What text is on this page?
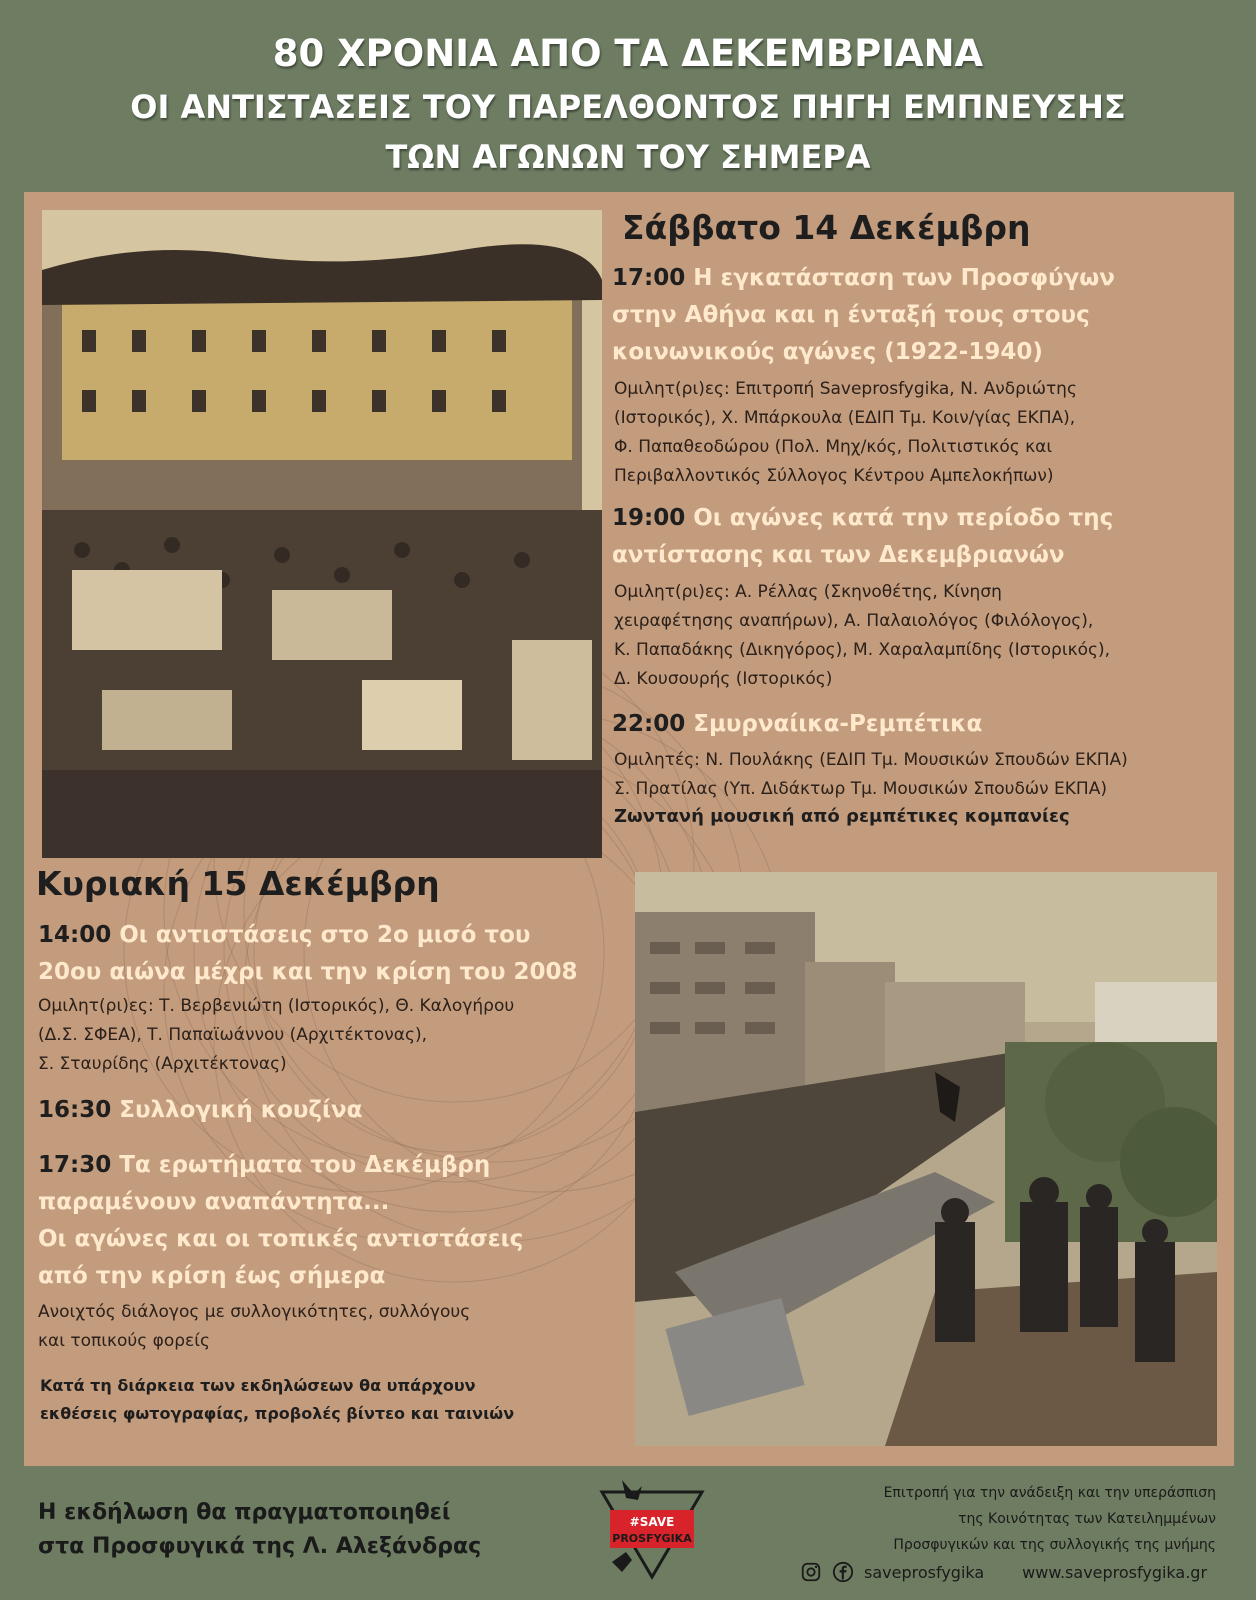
80 ΧΡΟΝΙΑ ΑΠΟ ΤΑ ΔΕΚΕΜΒΡΙΑΝΑ
ΟΙ ΑΝΤΙΣΤΑΣΕΙΣ ΤΟΥ ΠΑΡΕΛΘΟΝΤΟΣ ΠΗΓΗ ΕΜΠΝΕΥΣΗΣ
ΤΩΝ ΑΓΩΝΩΝ ΤΟΥ ΣΗΜΕΡΑ
Σάββατο 14 Δεκέμβρη
17:00 Η εγκατάσταση των Προσφύγων
στην Αθήνα και η ένταξή τους στους
κοινωνικούς αγώνες (1922-1940)
Ομιλητ(ρι)ες: Επιτροπή Saveprosfygika, Ν. Ανδριώτης
(Ιστορικός), Χ. Μπάρκουλα (ΕΔΙΠ Τμ. Κοιν/γίας ΕΚΠΑ),
Φ. Παπαθεοδώρου (Πολ. Μηχ/κός, Πολιτιστικός και
Περιβαλλοντικός Σύλλογος Κέντρου Αμπελοκήπων)
19:00 Οι αγώνες κατά την περίοδο της
αντίστασης και των Δεκεμβριανών
Ομιλητ(ρι)ες: Α. Ρέλλας (Σκηνοθέτης, Κίνηση
χειραφέτησης αναπήρων), Α. Παλαιολόγος (Φιλόλογος),
Κ. Παπαδάκης (Δικηγόρος), Μ. Χαραλαμπίδης (Ιστορικός),
Δ. Κουσουρής (Ιστορικός)
22:00 Σμυρναίικα-Ρεμπέτικα
Ομιλητές: Ν. Πουλάκης (ΕΔΙΠ Τμ. Μουσικών Σπουδών ΕΚΠΑ)
Σ. Πρατίλας (Υπ. Διδάκτωρ Τμ. Μουσικών Σπουδών ΕΚΠΑ)
Ζωντανή μουσική από ρεμπέτικες κομπανίες
Κυριακή 15 Δεκέμβρη
14:00 Οι αντιστάσεις στο 2ο μισό του
20ου αιώνα μέχρι και την κρίση του 2008
Ομιλητ(ρι)ες: Τ. Βερβενιώτη (Ιστορικός), Θ. Καλογήρου
(Δ.Σ. ΣΦΕΑ), Τ. Παπαϊωάννου (Αρχιτέκτονας),
Σ. Σταυρίδης (Αρχιτέκτονας)
16:30 Συλλογική κουζίνα
17:30 Τα ερωτήματα του Δεκέμβρη
παραμένουν αναπάντητα...
Οι αγώνες και οι τοπικές αντιστάσεις
από την κρίση έως σήμερα
Ανοιχτός διάλογος με συλλογικότητες, συλλόγους
και τοπικούς φορείς
Κατά τη διάρκεια των εκδηλώσεων θα υπάρχουν
εκθέσεις φωτογραφίας, προβολές βίντεο και ταινιών
Η εκδήλωση θα πραγματοποιηθεί
στα Προσφυγικά της Λ. Αλεξάνδρας
#SAVE
PROSFYGIKA
Επιτροπή για την ανάδειξη και την υπεράσπιση
της Κοινότητας των Κατειλημμένων
Προσφυγικών και της συλλογικής της μνήμης
saveprosfygika www.saveprosfygika.gr
